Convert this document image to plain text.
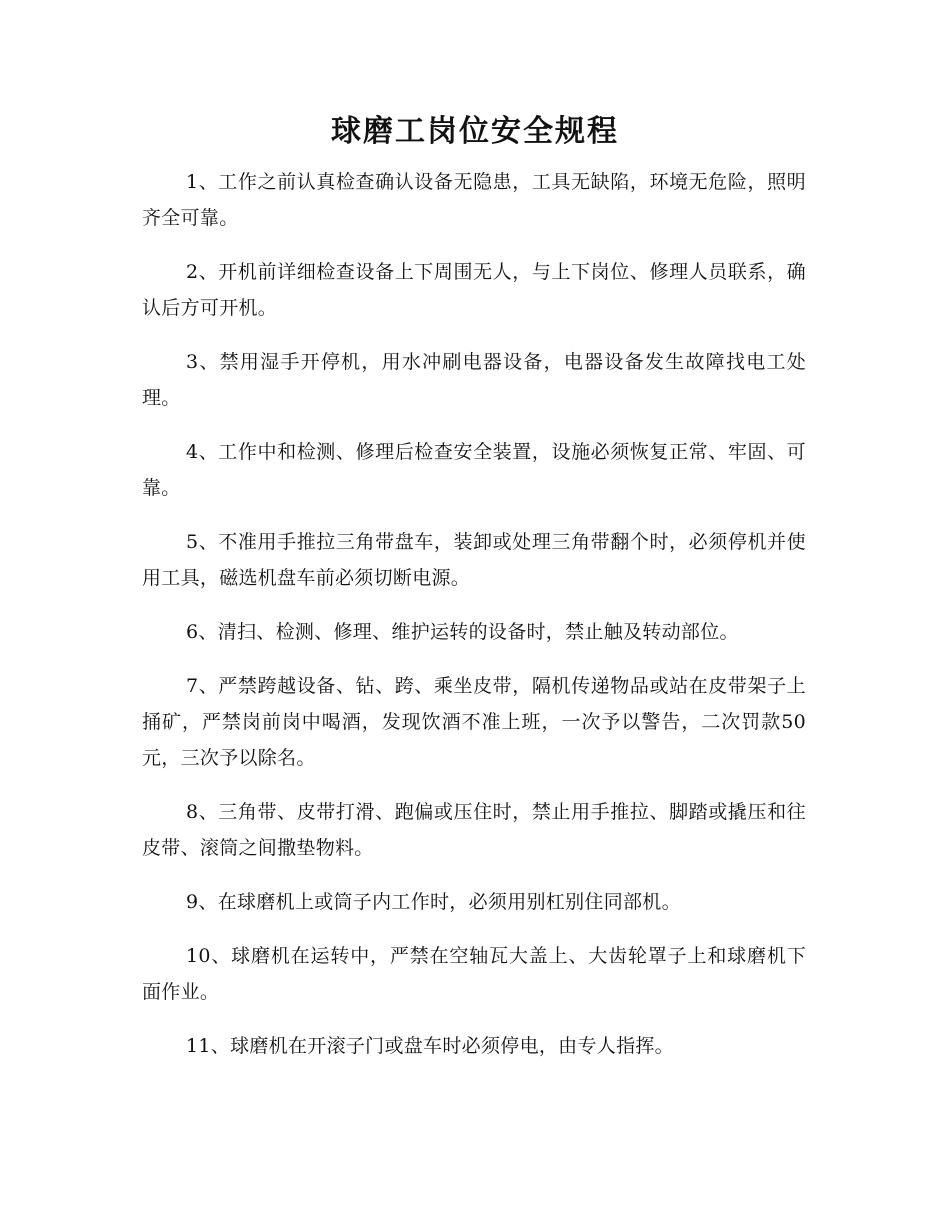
球磨工岗位安全规程

1、工作之前认真检查确认设备无隐患，工具无缺陷，环境无危险，照明齐全可靠。

2、开机前详细检查设备上下周围无人，与上下岗位、修理人员联系，确认后方可开机。

3、禁用湿手开停机，用水冲刷电器设备，电器设备发生故障找电工处理。

4、工作中和检测、修理后检查安全装置，设施必须恢复正常、牢固、可靠。

5、不准用手推拉三角带盘车，装卸或处理三角带翻个时，必须停机并使用工具，磁选机盘车前必须切断电源。

6、清扫、检测、修理、维护运转的设备时，禁止触及转动部位。

7、严禁跨越设备、钻、跨、乘坐皮带，隔机传递物品或站在皮带架子上捅矿，严禁岗前岗中喝酒，发现饮酒不准上班，一次予以警告，二次罚款50元，三次予以除名。

8、三角带、皮带打滑、跑偏或压住时，禁止用手推拉、脚踏或撬压和往皮带、滚筒之间撒垫物料。

9、在球磨机上或筒子内工作时，必须用别杠别住同部机。

10、球磨机在运转中，严禁在空轴瓦大盖上、大齿轮罩子上和球磨机下面作业。

11、球磨机在开滚子门或盘车时必须停电，由专人指挥。
